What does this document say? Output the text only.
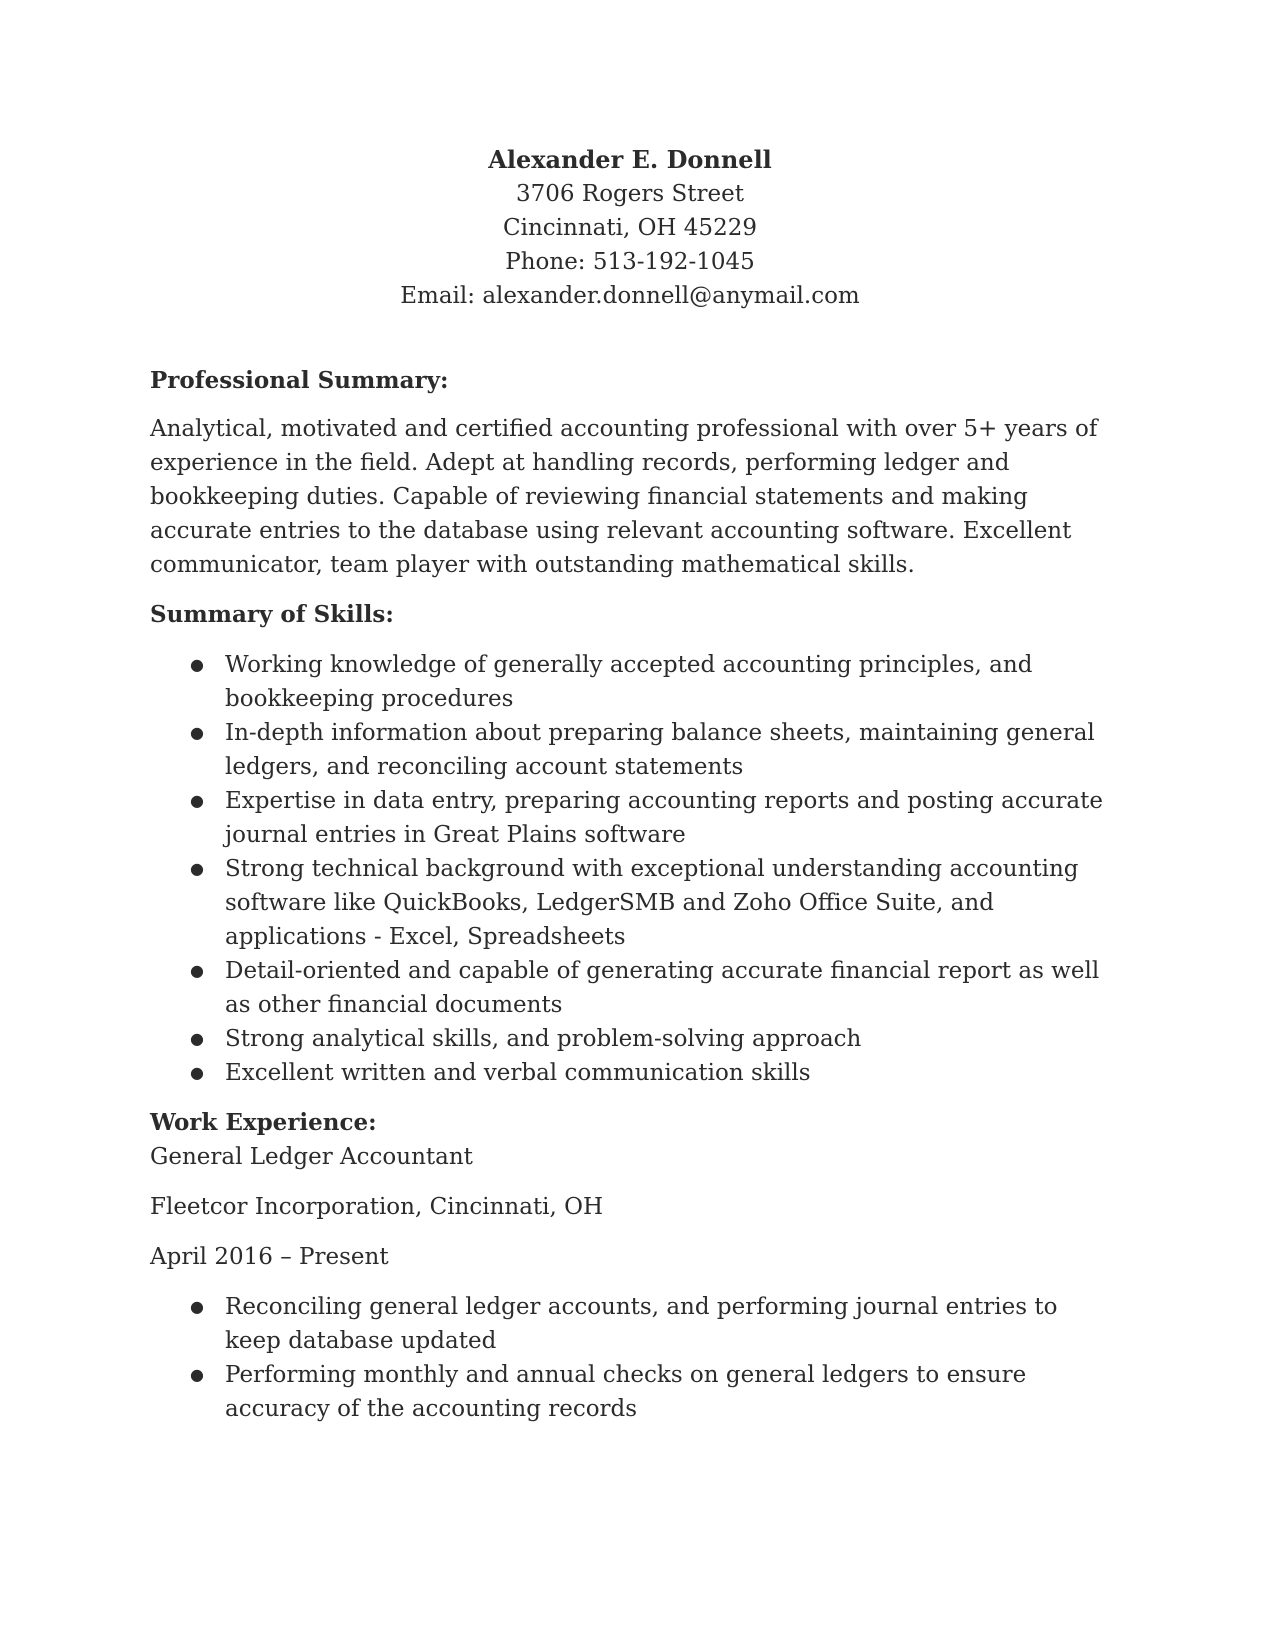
Alexander E. Donnell
3706 Rogers Street
Cincinnati, OH 45229
Phone: 513-192-1045
Email: alexander.donnell@anymail.com

Professional Summary:

Analytical, motivated and certified accounting professional with over 5+ years of experience in the field. Adept at handling records, performing ledger and bookkeeping duties. Capable of reviewing financial statements and making accurate entries to the database using relevant accounting software. Excellent communicator, team player with outstanding mathematical skills.

Summary of Skills:

● Working knowledge of generally accepted accounting principles, and bookkeeping procedures
● In-depth information about preparing balance sheets, maintaining general ledgers, and reconciling account statements
● Expertise in data entry, preparing accounting reports and posting accurate journal entries in Great Plains software
● Strong technical background with exceptional understanding accounting software like QuickBooks, LedgerSMB and Zoho Office Suite, and applications - Excel, Spreadsheets
● Detail-oriented and capable of generating accurate financial report as well as other financial documents
● Strong analytical skills, and problem-solving approach
● Excellent written and verbal communication skills

Work Experience:

General Ledger Accountant

Fleetcor Incorporation, Cincinnati, OH

April 2016 – Present

● Reconciling general ledger accounts, and performing journal entries to keep database updated
● Performing monthly and annual checks on general ledgers to ensure accuracy of the accounting records
